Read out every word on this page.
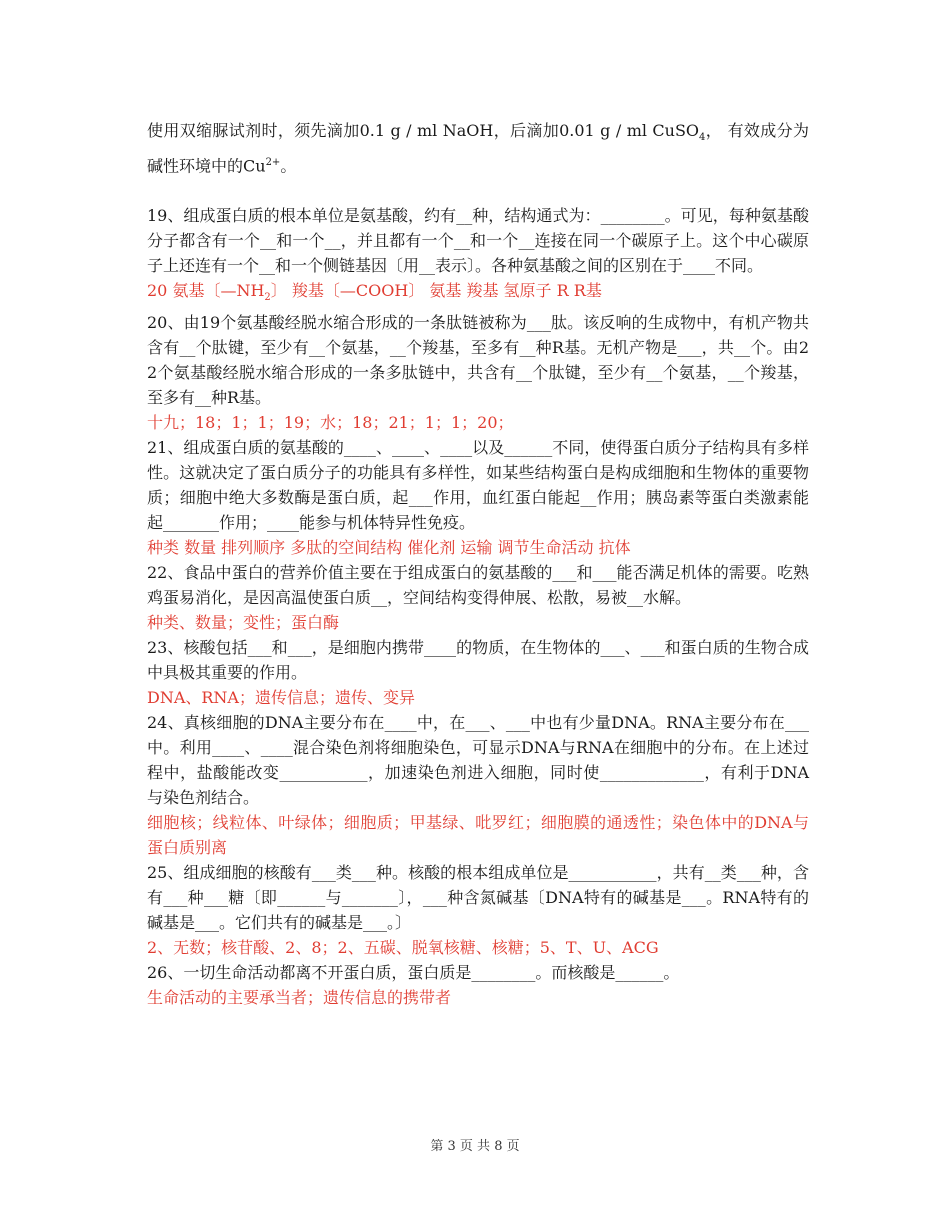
使用双缩脲试剂时，须先滴加0.1 g / ml NaOH，后滴加0.01 g / ml CuSO$_4$， 有效成分为碱性环境中的$Cu^{2+}$。

19、组成蛋白质的根本单位是氨基酸，约有__种，结构通式为：________。可见，每种氨基酸分子都含有一个__和一个__，并且都有一个__和一个__连接在同一个碳原子上。这个中心碳原子上还连有一个__和一个侧链基因〔用__表示〕。各种氨基酸之间的区别在于____不同。

20 氨基〔$—NH_2$〕 羧基〔—COOH〕 氨基 羧基 氢原子 R R基

20、由19个氨基酸经脱水缩合形成的一条肽链被称为___肽。该反响的生成物中，有机产物共含有__个肽键，至少有__个氨基，__个羧基，至多有__种R基。无机产物是___，共__个。由22个氨基酸经脱水缩合形成的一条多肽链中，共含有__个肽键，至少有__个氨基，__个羧基，至多有__种R基。

十九；18；1；1；19；水；18；21；1；1；20；

21、组成蛋白质的氨基酸的____、____、____以及______不同，使得蛋白质分子结构具有多样性。这就决定了蛋白质分子的功能具有多样性，如某些结构蛋白是构成细胞和生物体的重要物质；细胞中绝大多数酶是蛋白质，起___作用，血红蛋白能起__作用；胰岛素等蛋白类激素能起_______作用；____能参与机体特异性免疫。

种类 数量 排列顺序 多肽的空间结构 催化剂 运输 调节生命活动 抗体

22、食品中蛋白的营养价值主要在于组成蛋白的氨基酸的___和___能否满足机体的需要。吃熟鸡蛋易消化，是因高温使蛋白质__，空间结构变得伸展、松散，易被__水解。

种类、数量；变性；蛋白酶

23、核酸包括___和___，是细胞内携带____的物质，在生物体的___、___和蛋白质的生物合成中具极其重要的作用。

DNA、RNA；遗传信息；遗传、变异

24、真核细胞的DNA主要分布在____中，在___、___中也有少量DNA。RNA主要分布在___中。利用____、____混合染色剂将细胞染色，可显示DNA与RNA在细胞中的分布。在上述过程中，盐酸能改变___________，加速染色剂进入细胞，同时使_____________，有利于DNA与染色剂结合。

细胞核；线粒体、叶绿体；细胞质；甲基绿、吡罗红；细胞膜的通透性；染色体中的DNA与蛋白质别离

25、组成细胞的核酸有___类___种。核酸的根本组成单位是___________，共有__类___种，含有___种___糖〔即______与_______〕，___种含氮碱基〔DNA特有的碱基是___。RNA特有的碱基是___。它们共有的碱基是___。〕

2、无数；核苷酸、2、8；2、五碳、脱氧核糖、核糖；5、T、U、ACG

26、一切生命活动都离不开蛋白质，蛋白质是________。而核酸是______。

生命活动的主要承当者；遗传信息的携带者

第 3 页 共 8 页
